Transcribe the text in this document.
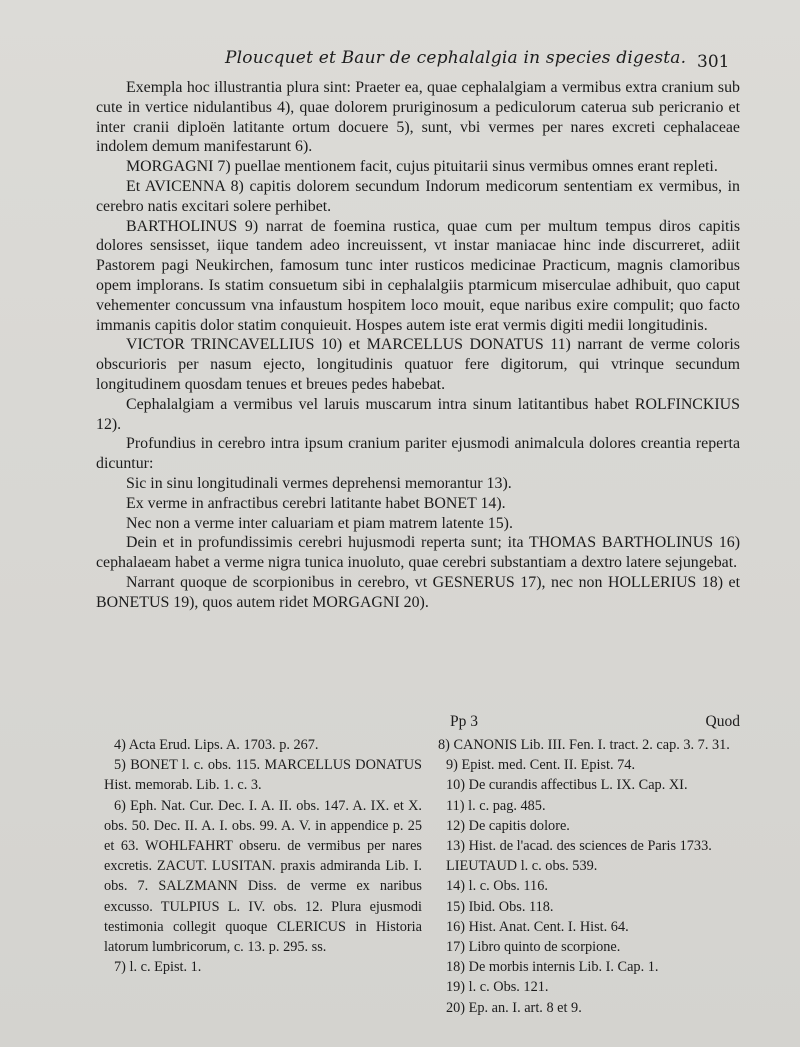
Ploucquet et Baur de cephalalgia in species digesta. 301

Exempla hoc illustrantia plura sint: Praeter ea, quae cephalalgiam a vermibus extra cranium sub cute in vertice nidulantibus 4), quae dolorem pruriginosum a pediculorum caterua sub pericranio et inter cranii diploën latitante ortum docuere 5), sunt, vbi vermes per nares excreti cephalaceae indolem demum manifestarunt 6).

MORGAGNI 7) puellae mentionem facit, cujus pituitarii sinus vermibus omnes erant repleti.

Et AVICENNA 8) capitis dolorem secundum Indorum medicorum sententiam ex vermibus, in cerebro natis excitari solere perhibet.

BARTHOLINUS 9) narrat de foemina rustica, quae cum per multum tempus diros capitis dolores sensisset, iique tandem adeo increuissent, vt instar maniacae hinc inde discurreret, adiit Pastorem pagi Neukirchen, famosum tunc inter rusticos medicinae Practicum, magnis clamoribus opem implorans. Is statim consuetum sibi in cephalalgiis ptarmicum miserculae adhibuit, quo caput vehementer concussum vna infaustum hospitem loco mouit, eque naribus exire compulit; quo facto immanis capitis dolor statim conquieuit. Hospes autem iste erat vermis digiti medii longitudinis.

VICTOR TRINCAVELLIUS 10) et MARCELLUS DONATUS 11) narrant de verme coloris obscurioris per nasum ejecto, longitudinis quatuor fere digitorum, qui vtrinque secundum longitudinem quosdam tenues et breues pedes habebat.

Cephalalgiam a vermibus vel laruis muscarum intra sinum latitantibus habet ROLFINCKIUS 12).

Profundius in cerebro intra ipsum cranium pariter ejusmodi animalcula dolores creantia reperta dicuntur:

Sic in sinu longitudinali vermes deprehensi memorantur 13).

Ex verme in anfractibus cerebri latitante habet BONET 14).

Nec non a verme inter caluariam et piam matrem latente 15).

Dein et in profundissimis cerebri hujusmodi reperta sunt; ita THOMAS BARTHOLINUS 16) cephalaeam habet a verme nigra tunica inuoluto, quae cerebri substantiam a dextro latere sejungebat.

Narrant quoque de scorpionibus in cerebro, vt GESNERUS 17), nec non HOLLERIUS 18) et BONETUS 19), quos autem ridet MORGAGNI 20).

Pp 3	Quod

4) Acta Erud. Lips. A. 1703. p. 267.

5) BONET l. c. obs. 115. MARCELLUS DONATUS Hist. memorab. Lib. 1. c. 3.

6) Eph. Nat. Cur. Dec. I. A. II. obs. 147. A. IX. et X. obs. 50. Dec. II. A. I. obs. 99. A. V. in appendice p. 25 et 63. WOHLFAHRT obseru. de vermibus per nares excretis. ZACUT. LUSITAN. praxis admiranda Lib. I. obs. 7. SALZMANN Diss. de verme ex naribus excusso. TULPIUS L. IV. obs. 12. Plura ejusmodi testimonia collegit quoque CLERICUS in Historia latorum lumbricorum, c. 13. p. 295. ss.

7) l. c. Epist. 1.

8) CANONIS Lib. III. Fen. I. tract. 2. cap. 3. 7. 31.

9) Epist. med. Cent. II. Epist. 74.

10) De curandis affectibus L. IX. Cap. XI.

11) l. c. pag. 485.

12) De capitis dolore.

13) Hist. de l'acad. des sciences de Paris 1733. LIEUTAUD l. c. obs. 539.

14) l. c. Obs. 116.

15) Ibid. Obs. 118.

16) Hist. Anat. Cent. I. Hist. 64.

17) Libro quinto de scorpione.

18) De morbis internis Lib. I. Cap. 1.

19) l. c. Obs. 121.

20) Ep. an. I. art. 8 et 9.
